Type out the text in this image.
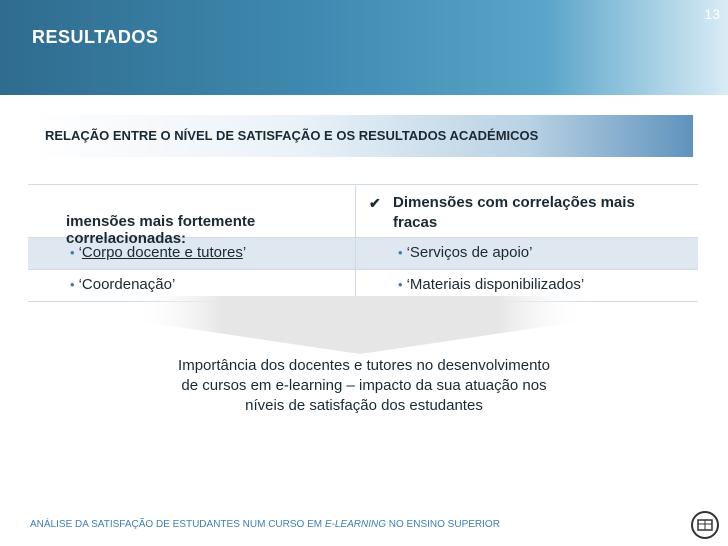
RESULTADOS
13
RELAÇÃO ENTRE O NÍVEL DE SATISFAÇÃO E OS RESULTADOS ACADÉMICOS
imensões mais fortemente
correlacionadas:
✔ Dimensões com correlações mais
fracas
• ‘Corpo docente e tutores’	• ‘Serviços de apoio’
• ‘Coordenação’	• ‘Materiais disponibilizados’
Importância dos docentes e tutores no desenvolvimento
de cursos em e-learning – impacto da sua atuação nos
níveis de satisfação dos estudantes
ANÁLISE DA SATISFAÇÃO DE ESTUDANTES NUM CURSO EM E-LEARNING NO ENSINO SUPERIOR
